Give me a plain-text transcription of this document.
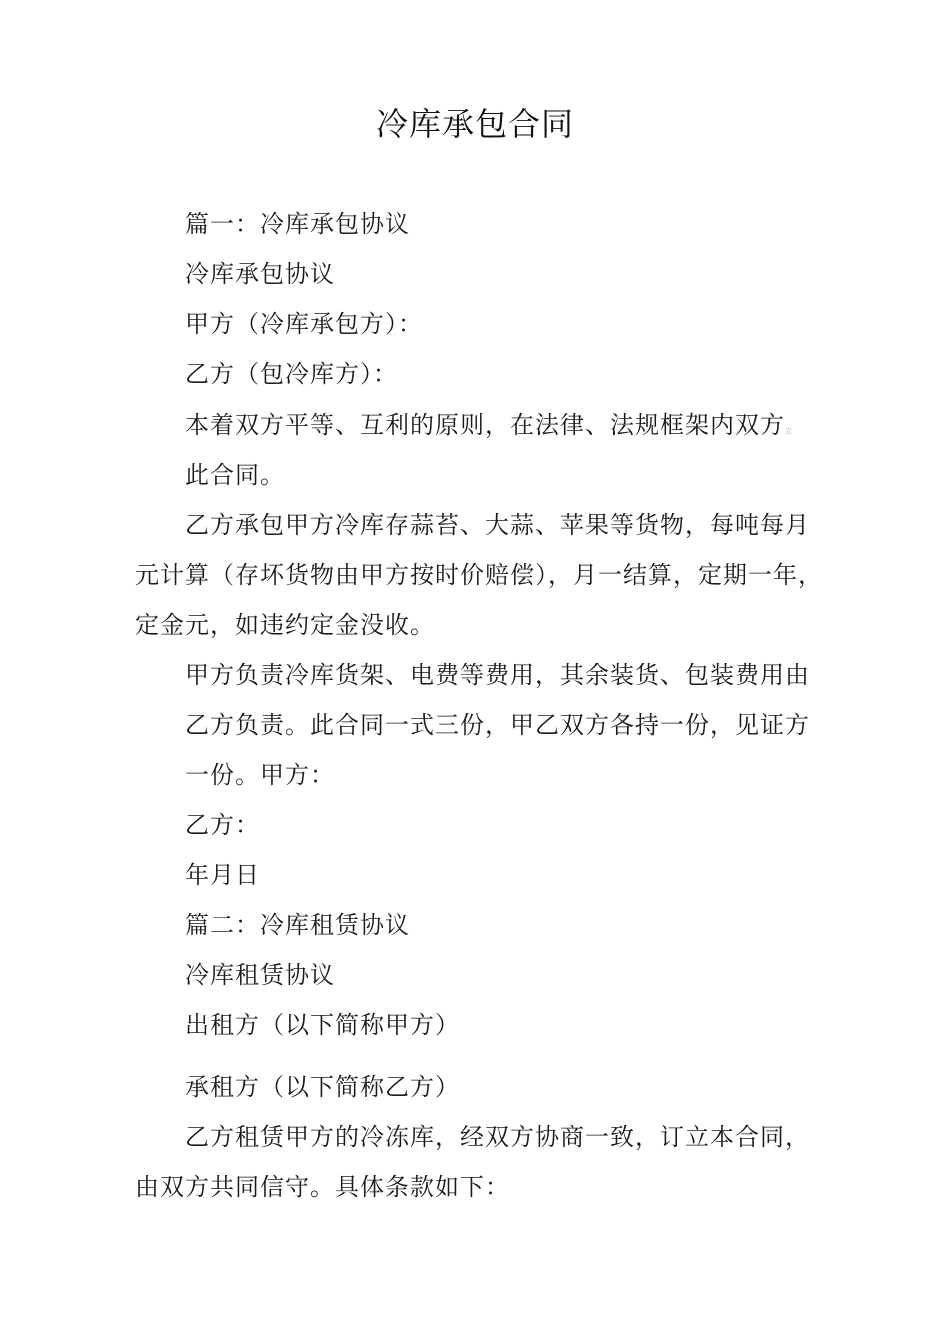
冷库承包合同
篇一：冷库承包协议
冷库承包协议
甲方（冷库承包方）：
乙方（包冷库方）：
本着双方平等、互利的原则，在法律、法规框架内双方立
此合同。
乙方承包甲方冷库存蒜苔、大蒜、苹果等货物，每吨每月
元计算（存坏货物由甲方按时价赔偿），月一结算，定期一年，
定金元，如违约定金没收。
甲方负责冷库货架、电费等费用，其余装货、包装费用由
乙方负责。此合同一式三份，甲乙双方各持一份，见证方
一份。甲方：
乙方：
年月日
篇二：冷库租赁协议
冷库租赁协议
出租方（以下简称甲方）
承租方（以下简称乙方）
乙方租赁甲方的冷冻库，经双方协商一致，订立本合同，
由双方共同信守。具体条款如下：
